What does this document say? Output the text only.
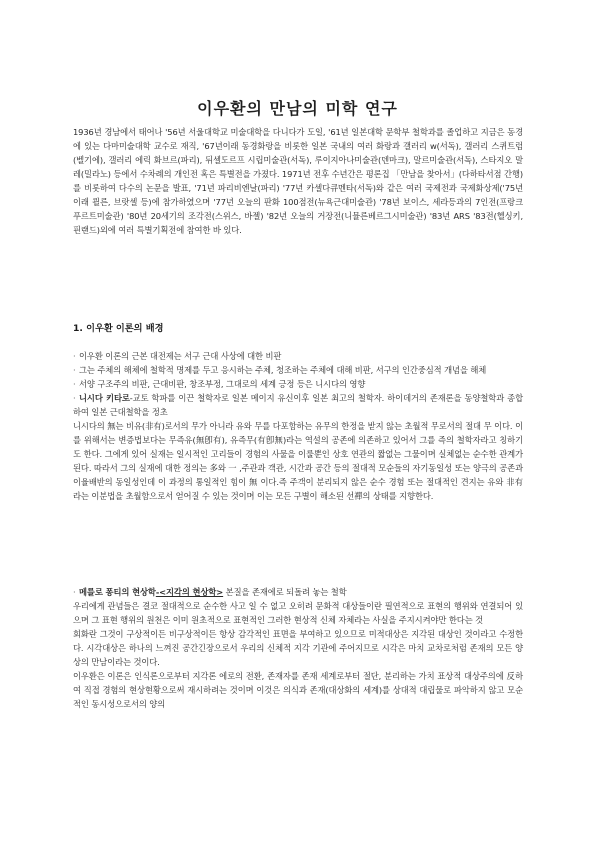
이우환의 만남의 미학 연구

1936년 경남에서 태어나 '56년 서울대학교 미술대학을 다니다가 도일, '61년 일본대학 문학부 철학과를 졸업하고 지금은 동경에 있는 다마미술대학 교수로 재직, '67년이래 동경화랑을 비롯한 일본 국내의 여러 화랑과 갤러리 w(서독), 갤러리 스퀴트럼(벨기에), 갤러리 에릭 화브르(파리), 뒤셀도르프 시립미술관(서독), 루이지아나미술관(덴마크), 말르미술관(서독), 스타지오 말레(밀라노) 등에서 수차례의 개인전 혹은 특별전을 가졌다. 1971년 전후 수년간은 평론집 「만남을 찾아서」(다하타서점 간행)를 비롯하여 다수의 논문을 발표, '71년 파리비엔날(파리) '77년 카셀다큐멘타(서독)와 같은 여러 국제전과 국제화상제('75년 이래 쾰른, 브랏셀 등)에 참가하였으며 '77년 오늘의 판화 100점전(뉴욕근대미술관) '78년 보이스, 세라등과의 7인전(프랑크푸르트미술관) '80년 20세기의 조각전(스위스, 바젤) '82년 오늘의 거장전(니뮬른베르그시미술관) '83년 ARS '83전(헬싱키, 핀랜드)외에 여러 특별기획전에 참여한 바 있다.

1. 이우환 이론의 배경
· 이우환 이론의 근본 대전제는 서구 근대 사상에 대한 비판
· 그는 주체의 해체에 철학적 명제를 두고 응시하는 주체, 청조하는 주체에 대해 비판, 서구의 인간중심적 개념을 해체
· 서양 구조주의 비판, 근대비판, 창조부정, 그대로의 세계 긍정 등은 니시다의 영향
· 니시다 키타로-교토 학파를 이끈 철학자로 일본 메이지 유신이후 일본 최고의 철학자. 하이데거의 존재론을 동양철학과 종합하여 일본 근대철학을 정초
니시다의 無는 비유(非有)로서의 무가 아니라 유와 무를 다포함하는 유무의 한정을 받지 않는 초월적 무로서의 절대 무 이다. 이를 위해서는 변증법보다는 무즉유(無卽有), 유즉무(有卽無)라는 역설의 공존에 의존하고 있어서 그를 즉의 철학자라고 칭하기도 한다. 그에게 있어 실재는 일시적인 고리들이 경험의 사물을 이룰뿐인 상호 연관의 짧없는 그물이며 실체없는 순수한 관계가 된다. 따라서 그의 실재에 대한 정의는 多와 一 ,주관과 객관, 시간과 공간 등의 절대적 모순들의 자기동일성 또는 양극의 공존과 이율배반의 동일성인데 이 과정의 통일적인 힘이 無 이다.즉 주객이 분리되지 않은 순수 경험 또는 절대적인 견지는 유와 非有라는 이분법을 초월함으로서 얻어질 수 있는 것이며 이는 모든 구별이 해소된 선禪의 상태를 지향한다.

· 메를로 퐁티의 현상학-<지각의 현상학> 본질을 존재에로 되돌려 놓는 철학

우리에게 관념들은 결코 절대적으로 순수한 사고 일 수 없고 오히려 문화적 대상들이란 필연적으로 표현의 행위와 연결되어 있으며 그 표현 행위의 원천은 이미 원초적으로 표현적인 그러한 현상적 신체 자체라는 사실을 주지시켜야만 한다는 것

회화란 그것이 구상적이든 비구상적이든 항상 감각적인 표면을 부여하고 있으므로 미적대상은 지각된 대상인 것이라고 수정한다. 시각대상은 하나의 느껴진 공간긴장으로서 우리의 신체적 지각 기관에 주어지므로 시각은 마치 교차로처럼 존재의 모든 양상의 만남이라는 것이다.

이우환은 이론은 인식론으로부터 지각론 에로의 전환, 존재자를 존재 세계로부터 절단, 분리하는 가치 표상적 대상주의에 反하여 직접 경험의 현상현황으로써 재시하려는 것이며 이것은 의식과 존재(대상화의 세계)를 상대적 대립물로 파악하지 않고 모순적인 동시성으로서의 양의
